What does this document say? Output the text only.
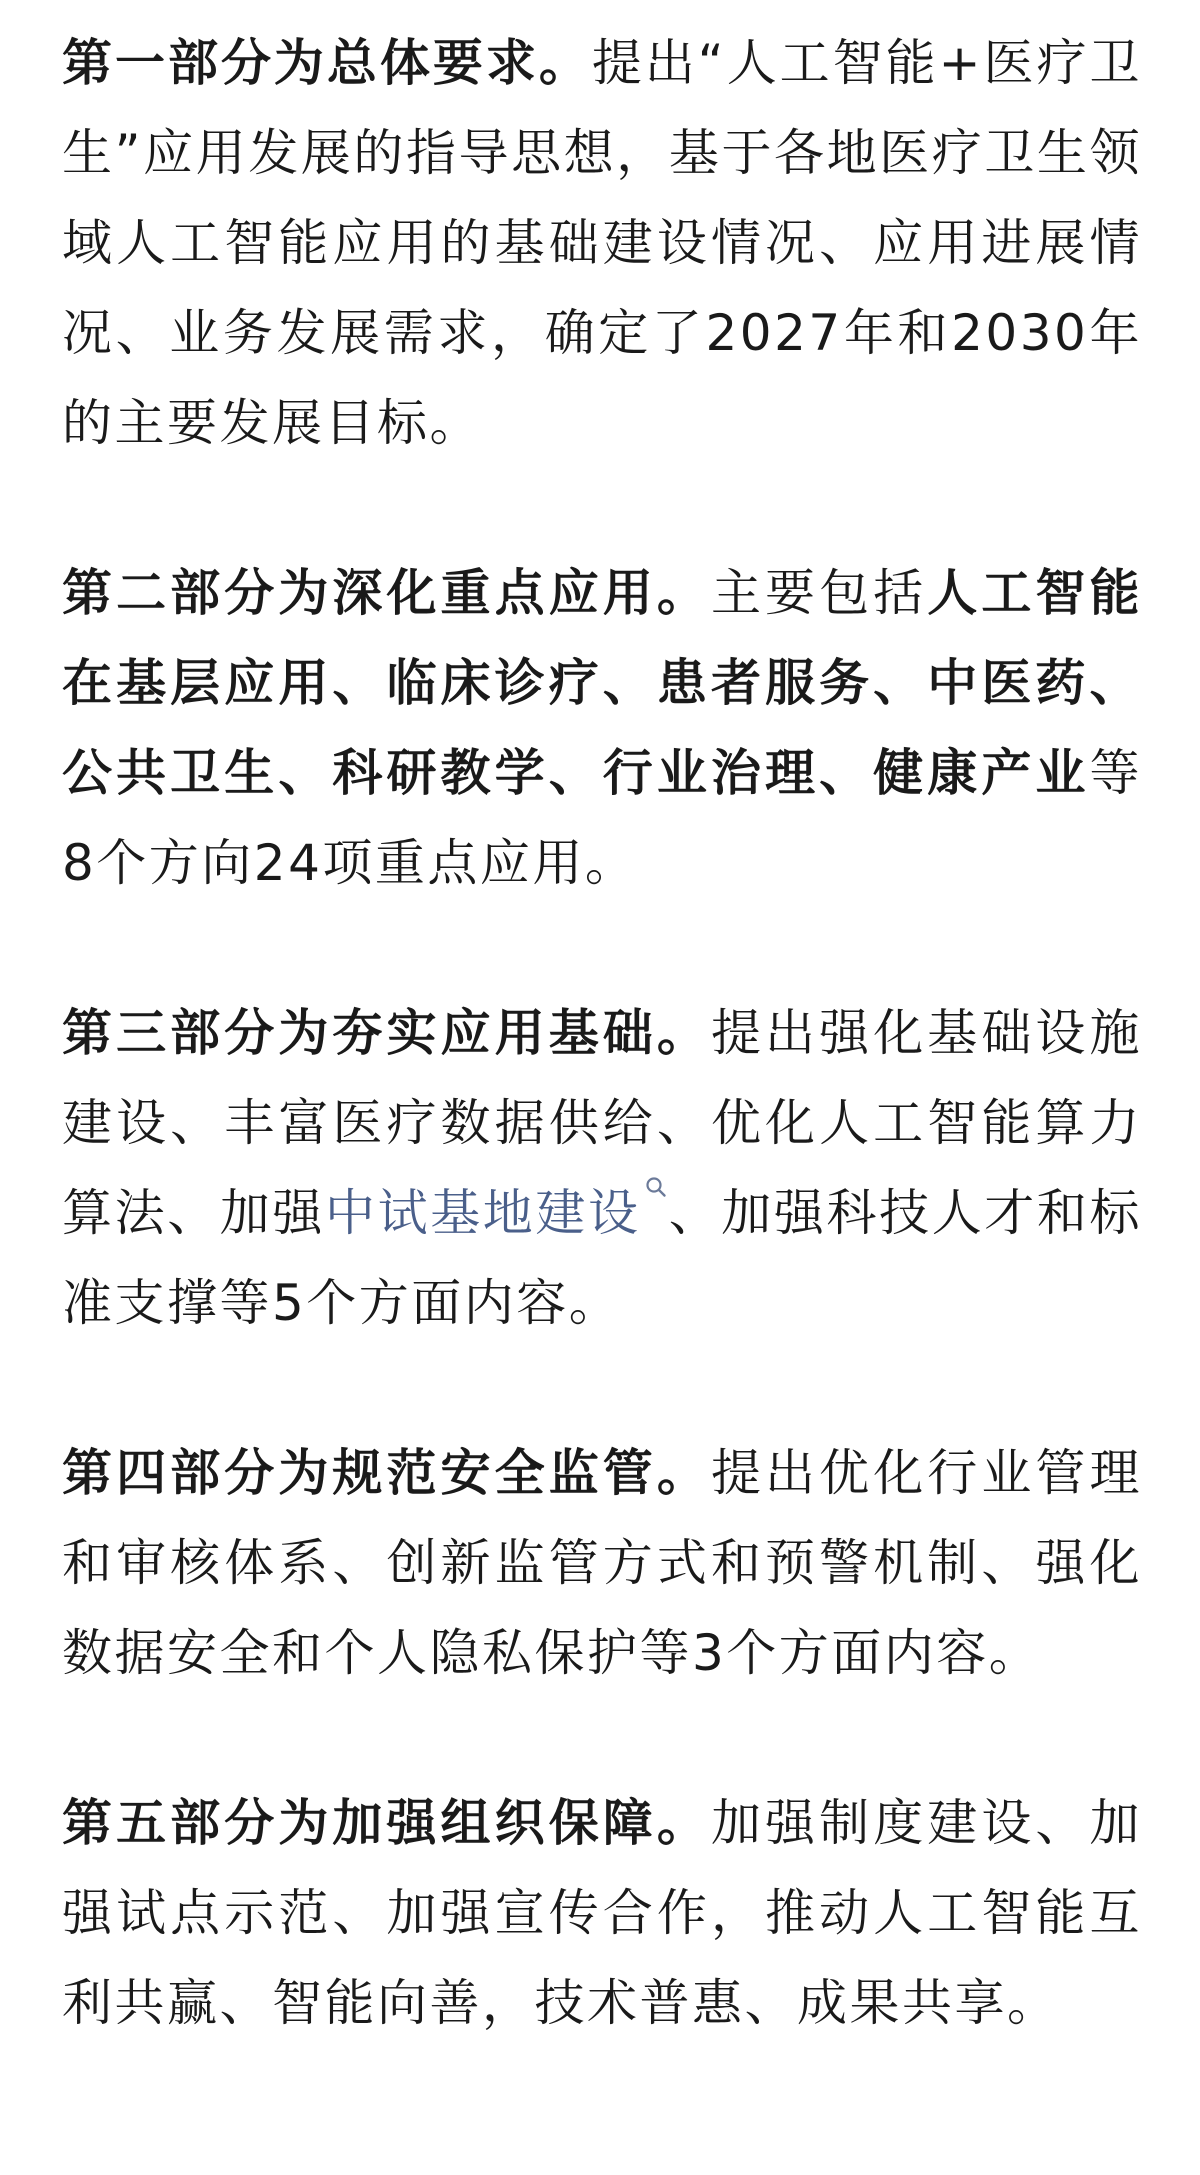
第一部分为总体要求。提出“人工智能+医疗卫生”应用发展的指导思想，基于各地医疗卫生领域人工智能应用的基础建设情况、应用进展情况、业务发展需求，确定了2027年和2030年的主要发展目标。

第二部分为深化重点应用。主要包括人工智能在基层应用、临床诊疗、患者服务、中医药、公共卫生、科研教学、行业治理、健康产业等8个方向24项重点应用。

第三部分为夯实应用基础。提出强化基础设施建设、丰富医疗数据供给、优化人工智能算力算法、加强中试基地建设 、加强科技人才和标准支撑等5个方面内容。

第四部分为规范安全监管。提出优化行业管理和审核体系、创新监管方式和预警机制、强化数据安全和个人隐私保护等3个方面内容。

第五部分为加强组织保障。加强制度建设、加强试点示范、加强宣传合作，推动人工智能互利共赢、智能向善，技术普惠、成果共享。
